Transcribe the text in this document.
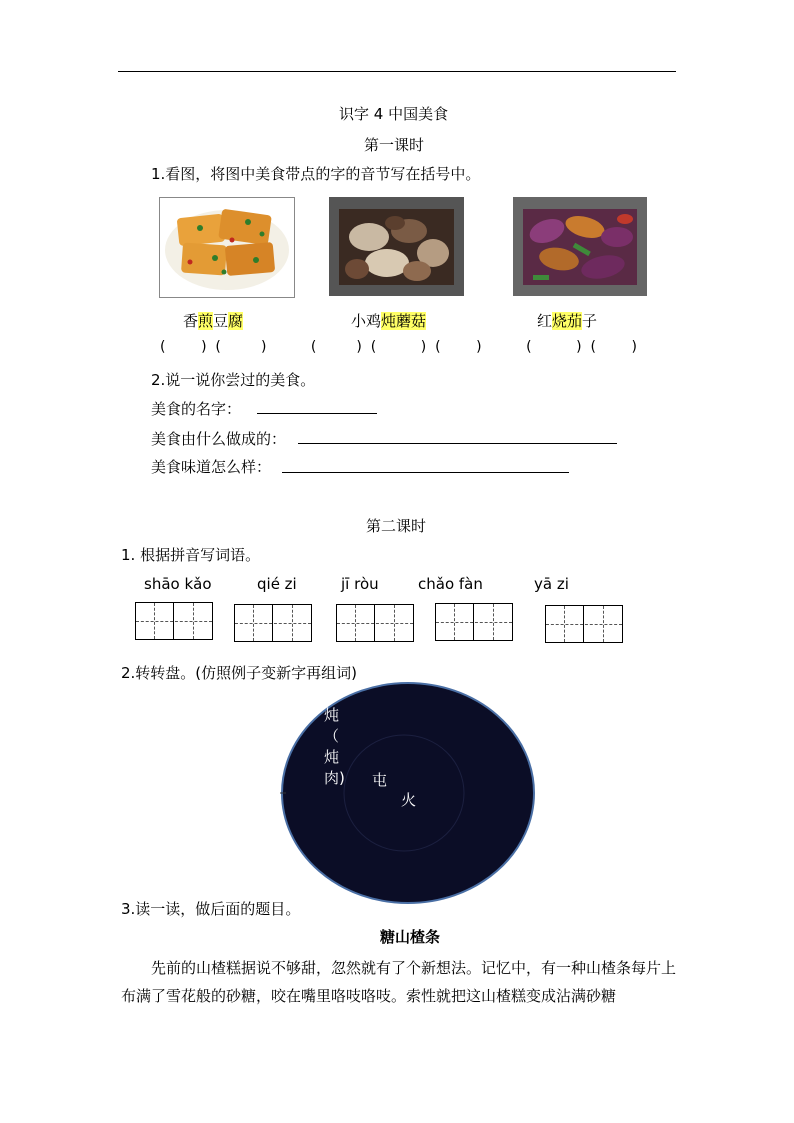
识字 4 中国美食
第一课时
1.看图，将图中美食带点的字的音节写在括号中。
香煎豆腐	小鸡炖蘑菇	红烧茄子
(        )  (         )          (         )  (          )  (        )          (          )  (        )
2.说一说你尝过的美食。
美食的名字：
美食由什么做成的：
美食味道怎么样：
第二课时
1. 根据拼音写词语。
shāo kǎo	qié zi	jī ròu	chǎo fàn	yā zi
2.转转盘。(仿照例子变新字再组词)
炖
（
炖
肉) 屯
火
3.读一读，做后面的题目。
糖山楂条
先前的山楂糕据说不够甜，忽然就有了个新想法。记忆中，有一种山楂条每片上布满了雪花般的砂糖，咬在嘴里咯吱咯吱。索性就把这山楂糕变成沾满砂糖
